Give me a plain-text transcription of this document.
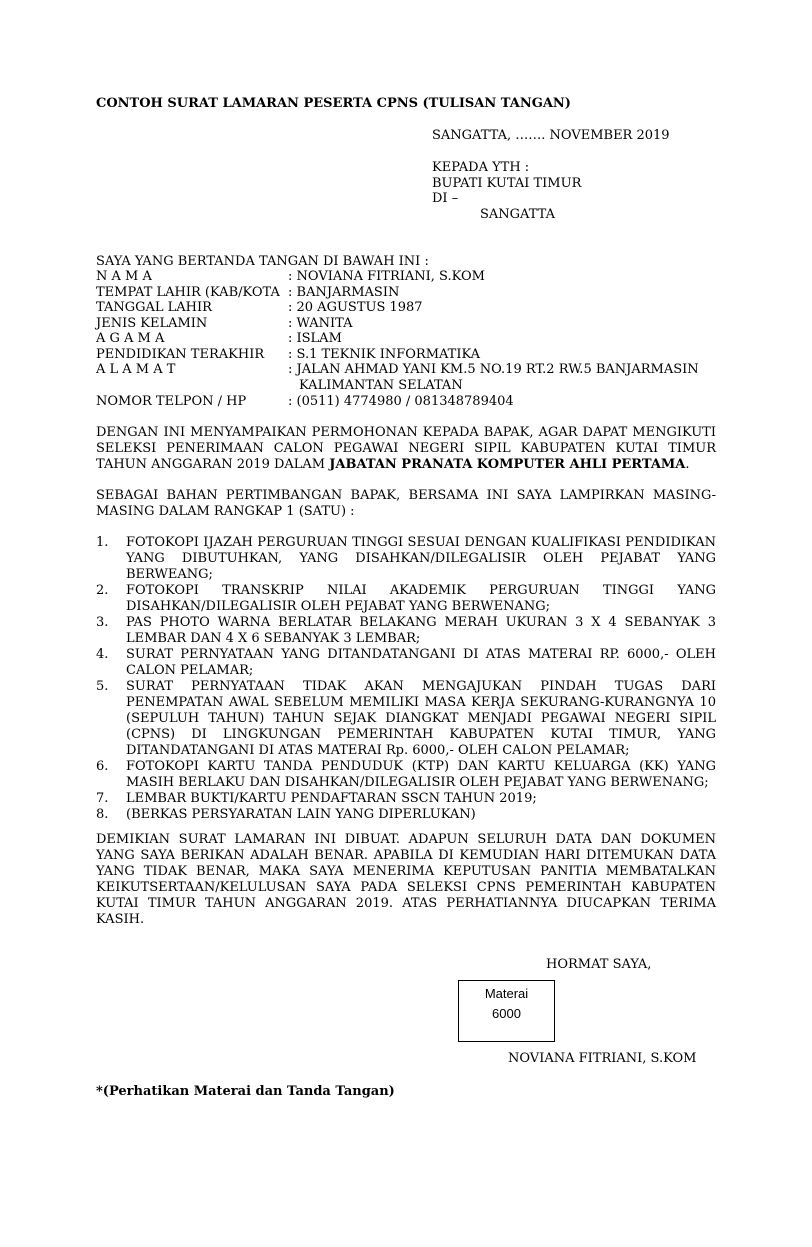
CONTOH SURAT LAMARAN PESERTA CPNS (TULISAN TANGAN)
SANGATTA, ……. NOVEMBER 2019
KEPADA YTH :
BUPATI KUTAI TIMUR
DI –
SANGATTA
SAYA YANG BERTANDA TANGAN DI BAWAH INI :
N A M A	: NOVIANA FITRIANI, S.KOM
TEMPAT LAHIR (KAB/KOTA : BANJARMASIN
TANGGAL LAHIR	: 20 AGUSTUS 1987
JENIS KELAMIN	: WANITA
A G A M A	: ISLAM
PENDIDIKAN TERAKHIR : S.1 TEKNIK INFORMATIKA
A L A M A T	: JALAN AHMAD YANI KM.5 NO.19 RT.2 RW.5 BANJARMASIN
KALIMANTAN SELATAN
NOMOR TELPON / HP	: (0511) 4774980 / 081348789404
DENGAN INI MENYAMPAIKAN PERMOHONAN KEPADA BAPAK, AGAR DAPAT MENGIKUTI SELEKSI PENERIMAAN CALON PEGAWAI NEGERI SIPIL KABUPATEN KUTAI TIMUR TAHUN ANGGARAN 2019 DALAM JABATAN PRANATA KOMPUTER AHLI PERTAMA.
SEBAGAI BAHAN PERTIMBANGAN BAPAK, BERSAMA INI SAYA LAMPIRKAN MASING-MASING DALAM RANGKAP 1 (SATU) :
1. FOTOKOPI IJAZAH PERGURUAN TINGGI SESUAI DENGAN KUALIFIKASI PENDIDIKAN YANG DIBUTUHKAN, YANG DISAHKAN/DILEGALISIR OLEH PEJABAT YANG BERWEANG;
2. FOTOKOPI TRANSKRIP NILAI AKADEMIK PERGURUAN TINGGI YANG DISAHKAN/DILEGALISIR OLEH PEJABAT YANG BERWENANG;
3. PAS PHOTO WARNA BERLATAR BELAKANG MERAH UKURAN 3 X 4 SEBANYAK 3 LEMBAR DAN 4 X 6 SEBANYAK 3 LEMBAR;
4. SURAT PERNYATAAN YANG DITANDATANGANI DI ATAS MATERAI RP. 6000,- OLEH CALON PELAMAR;
5. SURAT PERNYATAAN TIDAK AKAN MENGAJUKAN PINDAH TUGAS DARI PENEMPATAN AWAL SEBELUM MEMILIKI MASA KERJA SEKURANG-KURANGNYA 10 (SEPULUH TAHUN) TAHUN SEJAK DIANGKAT MENJADI PEGAWAI NEGERI SIPIL (CPNS) DI LINGKUNGAN PEMERINTAH KABUPATEN KUTAI TIMUR, YANG DITANDATANGANI DI ATAS MATERAI Rp. 6000,- OLEH CALON PELAMAR;
6. FOTOKOPI KARTU TANDA PENDUDUK (KTP) DAN KARTU KELUARGA (KK) YANG MASIH BERLAKU DAN DISAHKAN/DILEGALISIR OLEH PEJABAT YANG BERWENANG;
7. LEMBAR BUKTI/KARTU PENDAFTARAN SSCN TAHUN 2019;
8. (BERKAS PERSYARATAN LAIN YANG DIPERLUKAN)
DEMIKIAN SURAT LAMARAN INI DIBUAT. ADAPUN SELURUH DATA DAN DOKUMEN YANG SAYA BERIKAN ADALAH BENAR. APABILA DI KEMUDIAN HARI DITEMUKAN DATA YANG TIDAK BENAR, MAKA SAYA MENERIMA KEPUTUSAN PANITIA MEMBATALKAN KEIKUTSERTAAN/KELULUSAN SAYA PADA SELEKSI CPNS PEMERINTAH KABUPATEN KUTAI TIMUR TAHUN ANGGARAN 2019. ATAS PERHATIANNYA DIUCAPKAN TERIMA KASIH.
HORMAT SAYA,
Materai
6000
NOVIANA FITRIANI, S.KOM
*(Perhatikan Materai dan Tanda Tangan)
